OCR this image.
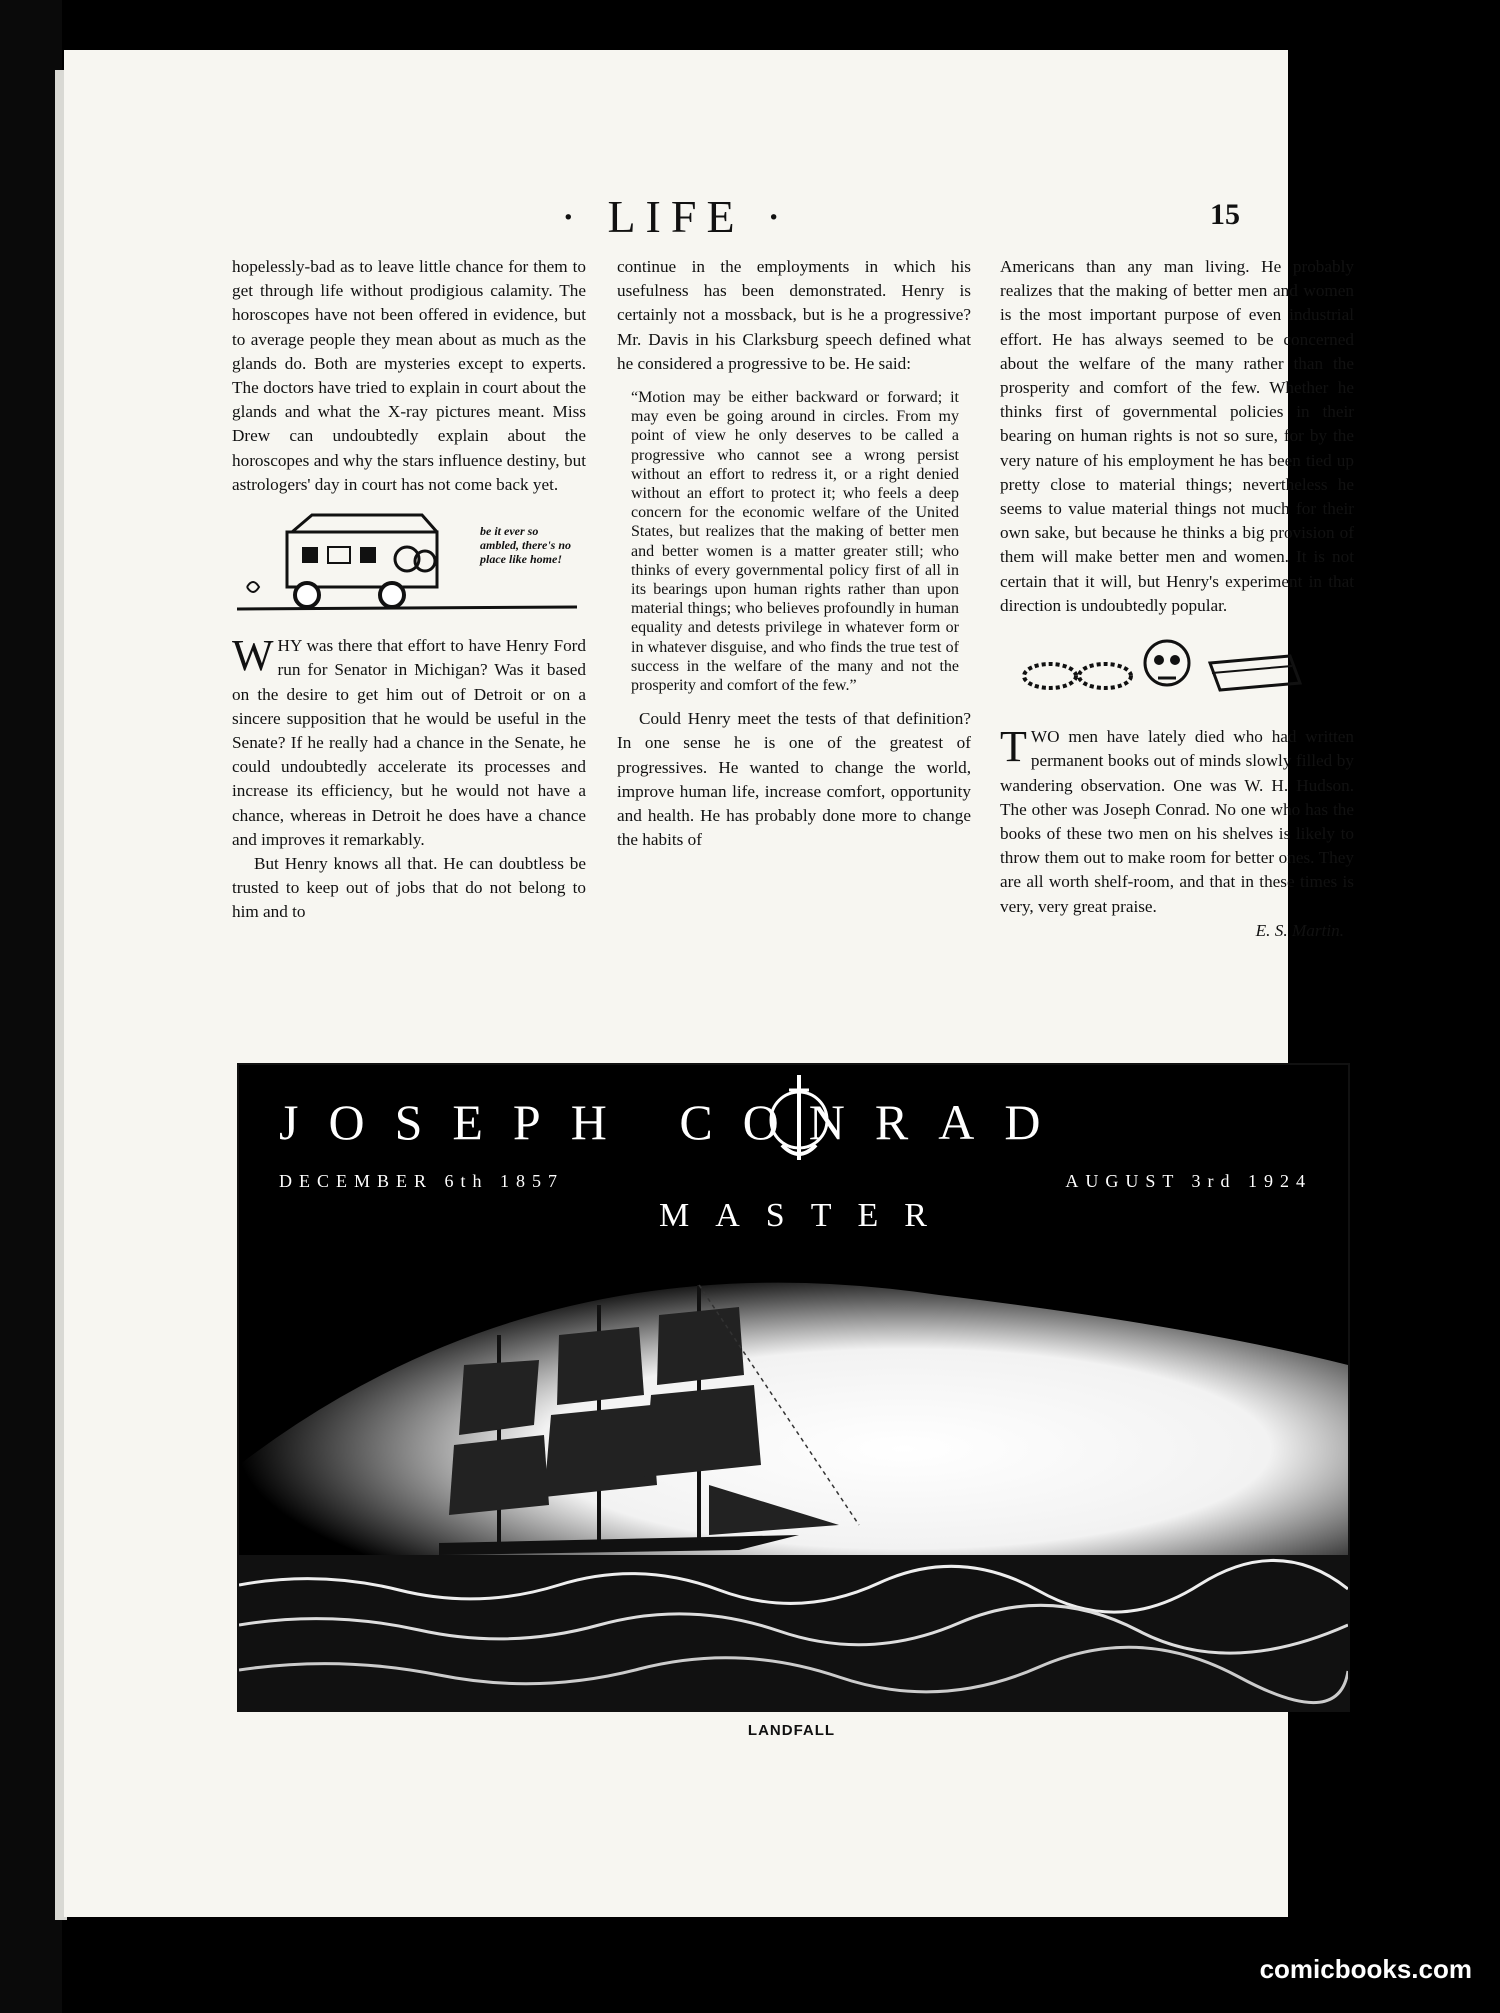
· LIFE ·	15

hopelessly-bad as to leave little chance for them to get through life without prodigious calamity. The horoscopes have not been offered in evidence, but to average people they mean about as much as the glands do. Both are mysteries except to experts. The doctors have tried to explain in court about the glands and what the X-ray pictures meant. Miss Drew can undoubtedly explain about the horoscopes and why the stars influence destiny, but astrologers' day in court has not come back yet.

be it ever so ambled, there's no place like home!

WHY was there that effort to have Henry Ford run for Senator in Michigan? Was it based on the desire to get him out of Detroit or on a sincere supposition that he would be useful in the Senate? If he really had a chance in the Senate, he could undoubtedly accelerate its processes and increase its efficiency, but he would not have a chance, whereas in Detroit he does have a chance and improves it remarkably.

But Henry knows all that. He can doubtless be trusted to keep out of jobs that do not belong to him and to

continue in the employments in which his usefulness has been demonstrated. Henry is certainly not a mossback, but is he a progressive? Mr. Davis in his Clarksburg speech defined what he considered a progressive to be. He said:

“Motion may be either backward or forward; it may even be going around in circles. From my point of view he only deserves to be called a progressive who cannot see a wrong persist without an effort to redress it, or a right denied without an effort to protect it; who feels a deep concern for the economic welfare of the United States, but realizes that the making of better men and better women is a matter greater still; who thinks of every governmental policy first of all in its bearings upon human rights rather than upon material things; who believes profoundly in human equality and detests privilege in whatever form or in whatever disguise, and who finds the true test of success in the welfare of the many and not the prosperity and comfort of the few.”

Could Henry meet the tests of that definition? In one sense he is one of the greatest of progressives. He wanted to change the world, improve human life, increase comfort, opportunity and health. He has probably done more to change the habits of

Americans than any man living. He probably realizes that the making of better men and women is the most important purpose of even industrial effort. He has always seemed to be concerned about the welfare of the many rather than the prosperity and comfort of the few. Whether he thinks first of governmental policies in their bearing on human rights is not so sure, for by the very nature of his employment he has been tied up pretty close to material things; nevertheless he seems to value material things not much for their own sake, but because he thinks a big provision of them will make better men and women. It is not certain that it will, but Henry's experiment in that direction is undoubtedly popular.

TWO men have lately died who had written permanent books out of minds slowly filled by wandering observation. One was W. H. Hudson. The other was Joseph Conrad. No one who has the books of these two men on his shelves is likely to throw them out to make room for better ones. They are all worth shelf-room, and that in these times is very, very great praise.

E. S. Martin.

JOSEPH CONRAD
DECEMBER 6th 1857	AUGUST 3rd 1924
MASTER
LANDFALL
comicbooks.com
